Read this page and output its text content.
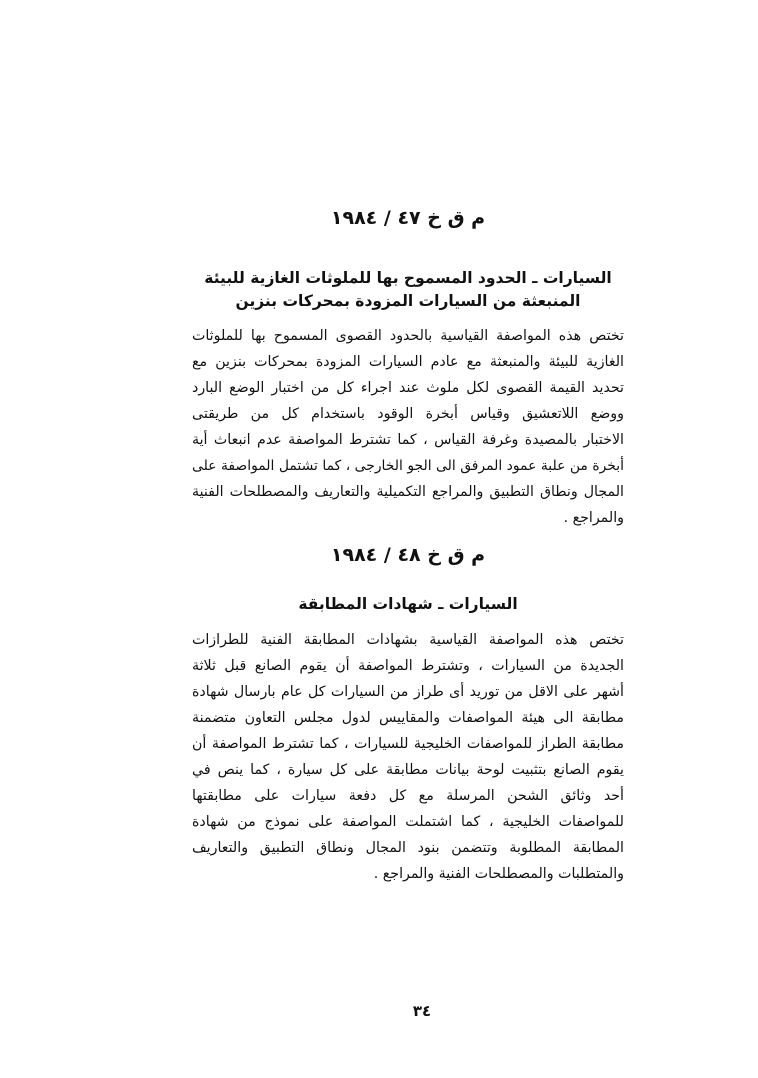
م ق خ ٤٧ / ١٩٨٤
السيارات ـ الحدود المسموح بها للملوثات الغازية للبيئة
المنبعثة من السيارات المزودة بمحركات بنزين
تختص هذه المواصفة القياسية بالحدود القصوى المسموح بها للملوثات
الغازية للبيئة والمنبعثة مع عادم السيارات المزودة بمحركات بنزين مع
تحديد القيمة القصوى لكل ملوث عند اجراء كل من اختبار الوضع البارد
ووضع اللاتعشيق وقياس أبخرة الوقود باستخدام كل من طريقتى
الاختبار بالمصيدة وغرفة القياس ، كما تشترط المواصفة عدم انبعاث أية
أبخرة من علبة عمود المرفق الى الجو الخارجى ، كما تشتمل المواصفة على
المجال ونطاق التطبيق والمراجع التكميلية والتعاريف والمصطلحات الفنية
والمراجع .
م ق خ ٤٨ / ١٩٨٤
السيارات ـ شهادات المطابقة
تختص هذه المواصفة القياسية بشهادات المطابقة الفنية للطرازات
الجديدة من السيارات ، وتشترط المواصفة أن يقوم الصانع قبل ثلاثة
أشهر على الاقل من توريد أى طراز من السيارات كل عام بارسال شهادة
مطابقة الى هيئة المواصفات والمقاييس لدول مجلس التعاون متضمنة
مطابقة الطراز للمواصفات الخليجية للسيارات ، كما تشترط المواصفة أن
يقوم الصانع بتثبيت لوحة بيانات مطابقة على كل سيارة ، كما ينص في
أحد وثائق الشحن المرسلة مع كل دفعة سيارات على مطابقتها
للمواصفات الخليجية ، كما اشتملت المواصفة على نموذج من شهادة
المطابقة المطلوبة وتتضمن بنود المجال ونطاق التطبيق والتعاريف
والمتطلبات والمصطلحات الفنية والمراجع .
٣٤
